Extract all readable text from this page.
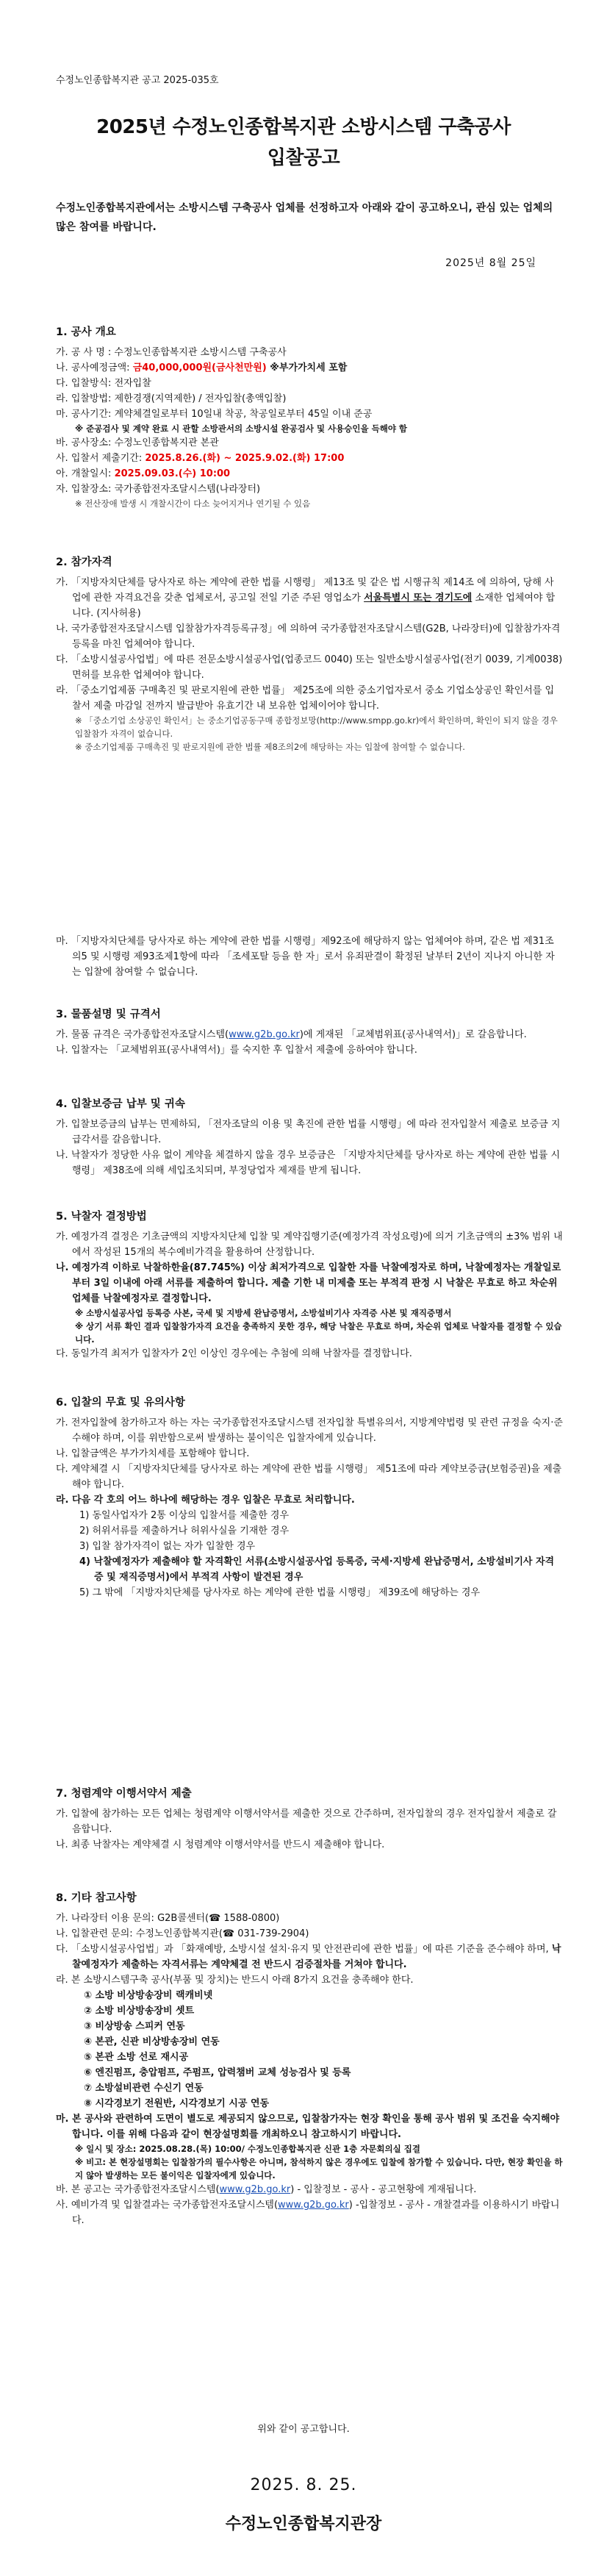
수정노인종합복지관 공고 2025-035호
2025년 수정노인종합복지관 소방시스템 구축공사
입찰공고
수정노인종합복지관에서는 소방시스템 구축공사 업체를 선정하고자 아래와 같이 공고하오니, 관심 있는 업체의 많은 참여를 바랍니다.
2025년 8월 25일
1. 공사 개요
가. 공 사 명 : 수정노인종합복지관 소방시스템 구축공사
나. 공사예정금액: 금40,000,000원(금사천만원) ※부가가치세 포함
다. 입찰방식: 전자입찰
라. 입찰방법: 제한경쟁(지역제한) / 전자입찰(총액입찰)
마. 공사기간: 계약체결일로부터 10일내 착공, 착공일로부터 45일 이내 준공
※ 준공검사 및 계약 완료 시 관할 소방관서의 소방시설 완공검사 및 사용승인을 득해야 함
바. 공사장소: 수정노인종합복지관 본관
사. 입찰서 제출기간: 2025.8.26.(화) ~ 2025.9.02.(화) 17:00
아. 개찰일시: 2025.09.03.(수) 10:00
자. 입찰장소: 국가종합전자조달시스템(나라장터)
※ 전산장애 발생 시 개찰시간이 다소 늦어지거나 연기될 수 있음
2. 참가자격
가. 「지방자치단체를 당사자로 하는 계약에 관한 법률 시행령」 제13조 및 같은 법 시행규칙 제14조 에 의하여, 당해 사업에 관한 자격요건을 갖춘 업체로서, 공고일 전일 기준 주된 영업소가 서울특별시 또는 경기도에 소재한 업체여야 합니다. (지사허용)
나. 국가종합전자조달시스템 입찰참가자격등록규정」에 의하여 국가종합전자조달시스템(G2B, 나라장터)에 입찰참가자격 등록을 마친 업체여야 합니다.
다. 「소방시설공사업법」에 따른 전문소방시설공사업(업종코드 0040) 또는 일반소방시설공사업(전기 0039, 기계0038) 면허를 보유한 업체여야 합니다.
라. 「중소기업제품 구매촉진 및 판로지원에 관한 법률」 제25조에 의한 중소기업자로서 중소 기업소상공인 확인서를 입찰서 제출 마감일 전까지 발급받아 유효기간 내 보유한 업체이어야 합니다.
※ 「중소기업 소상공인 확인서」는 중소기업공동구매 종합정보망(http://www.smpp.go.kr)에서 확인하며, 확인이 되지 않을 경우 입찰참가 자격이 없습니다.
※ 중소기업제품 구매촉진 및 판로지원에 관한 법률 제8조의2에 해당하는 자는 입찰에 참여할 수 없습니다.
마. 「지방자치단체를 당사자로 하는 계약에 관한 법률 시행령」제92조에 해당하지 않는 업체여야 하며, 같은 법 제31조의5 및 시행령 제93조제1항에 따라 「조세포탈 등을 한 자」로서 유죄판결이 확정된 날부터 2년이 지나지 아니한 자는 입찰에 참여할 수 없습니다.
3. 물품설명 및 규격서
가. 물품 규격은 국가종합전자조달시스템(www.g2b.go.kr)에 게재된 「교체범위표(공사내역서)」로 갈음합니다.
나. 입찰자는 「교체범위표(공사내역서)」를 숙지한 후 입찰서 제출에 응하여야 합니다.
4. 입찰보증금 납부 및 귀속
가. 입찰보증금의 납부는 면제하되, 「전자조달의 이용 및 촉진에 관한 법률 시행령」에 따라 전자입찰서 제출로 보증금 지급각서를 갈음합니다.
나. 낙찰자가 정당한 사유 없이 계약을 체결하지 않을 경우 보증금은 「지방자치단체를 당사자로 하는 계약에 관한 법률 시행령」 제38조에 의해 세입조치되며, 부정당업자 제재를 받게 됩니다.
5. 낙찰자 결정방법
가. 예정가격 결정은 기초금액의 지방자치단체 입찰 및 계약집행기준(예정가격 작성요령)에 의거 기초금액의 ±3% 범위 내에서 작성된 15개의 복수예비가격을 활용하여 산정합니다.
나. 예정가격 이하로 낙찰하한율(87.745%) 이상 최저가격으로 입찰한 자를 낙찰예정자로 하며, 낙찰예정자는 개찰일로부터 3일 이내에 아래 서류를 제출하여 합니다. 제출 기한 내 미제출 또는 부적격 판정 시 낙찰은 무효로 하고 차순위업체를 낙찰예정자로 결정합니다.
※ 소방시설공사업 등록증 사본, 국세 및 지방세 완납증명서, 소방설비기사 자격증 사본 및 재직증명서
※ 상기 서류 확인 결과 입찰참가자격 요건을 충족하지 못한 경우, 해당 낙찰은 무효로 하며, 차순위 업체로 낙찰자를 결정할 수 있습니다.
다. 동일가격 최저가 입찰자가 2인 이상인 경우에는 추첨에 의해 낙찰자를 결정합니다.
6. 입찰의 무효 및 유의사항
가. 전자입찰에 참가하고자 하는 자는 국가종합전자조달시스템 전자입찰 특별유의서, 지방계약법령 및 관련 규정을 숙지·준수해야 하며, 이를 위반함으로써 발생하는 불이익은 입찰자에게 있습니다.
나. 입찰금액은 부가가치세를 포함해야 합니다.
다. 계약체결 시 「지방자치단체를 당사자로 하는 계약에 관한 법률 시행령」 제51조에 따라 계약보증금(보험증권)을 제출해야 합니다.
라. 다음 각 호의 어느 하나에 해당하는 경우 입찰은 무효로 처리합니다.
1) 동일사업자가 2통 이상의 입찰서를 제출한 경우
2) 허위서류를 제출하거나 허위사실을 기재한 경우
3) 입찰 참가자격이 없는 자가 입찰한 경우
4) 낙찰예정자가 제출해야 할 자격확인 서류(소방시설공사업 등록증, 국세·지방세 완납증명서, 소방설비기사 자격증 및 재직증명서)에서 부적격 사항이 발견된 경우
5) 그 밖에 「지방자치단체를 당사자로 하는 계약에 관한 법률 시행령」 제39조에 해당하는 경우
7. 청렴계약 이행서약서 제출
가. 입찰에 참가하는 모든 업체는 청렴계약 이행서약서를 제출한 것으로 간주하며, 전자입찰의 경우 전자입찰서 제출로 갈음합니다.
나. 최종 낙찰자는 계약체결 시 청렴계약 이행서약서를 반드시 제출해야 합니다.
8. 기타 참고사항
가. 나라장터 이용 문의: G2B콜센터(☎ 1588-0800)
나. 입찰관련 문의: 수정노인종합복지관(☎ 031-739-2904)
다. 「소방시설공사업법」과 「화재예방, 소방시설 설치·유지 및 안전관리에 관한 법률」에 따른 기준을 준수해야 하며, 낙찰예정자가 제출하는 자격서류는 계약체결 전 반드시 검증절차를 거쳐야 합니다.
라. 본 소방시스템구축 공사(부품 및 장치)는 반드시 아래 8가지 요건을 충족해야 한다.
① 소방 비상방송장비 랙캐비넷
② 소방 비상방송장비 셋트
③ 비상방송 스피커 연동
④ 본관, 신관 비상방송장비 연동
⑤ 본관 소방 선로 재시공
⑥ 엔진펌프, 충압펌프, 주펌프, 압력챔버 교체 성능검사 및 등록
⑦ 소방설비관련 수신기 연동
⑧ 시각경보기 전원반, 시각경보기 시공 연동
마. 본 공사와 관련하여 도면이 별도로 제공되지 않으므로, 입찰참가자는 현장 확인을 통해 공사 범위 및 조건을 숙지해야 합니다. 이를 위해 다음과 같이 현장설명회를 개최하오니 참고하시기 바랍니다.
※ 일시 및 장소: 2025.08.28.(목) 10:00/ 수정노인종합복지관 신관 1층 자문회의실 집결
※ 비고: 본 현장설명회는 입찰참가의 필수사항은 아니며, 참석하지 않은 경우에도 입찰에 참가할 수 있습니다. 다만, 현장 확인을 하지 않아 발생하는 모든 불이익은 입찰자에게 있습니다.
바. 본 공고는 국가종합전자조달시스템(www.g2b.go.kr) - 입찰정보 - 공사 - 공고현황에 게재됩니다.
사. 예비가격 및 입찰결과는 국가종합전자조달시스템(www.g2b.go.kr) -입찰정보 - 공사 - 개찰결과를 이용하시기 바랍니다.
위와 같이 공고합니다.
2025. 8. 25.
수정노인종합복지관장
